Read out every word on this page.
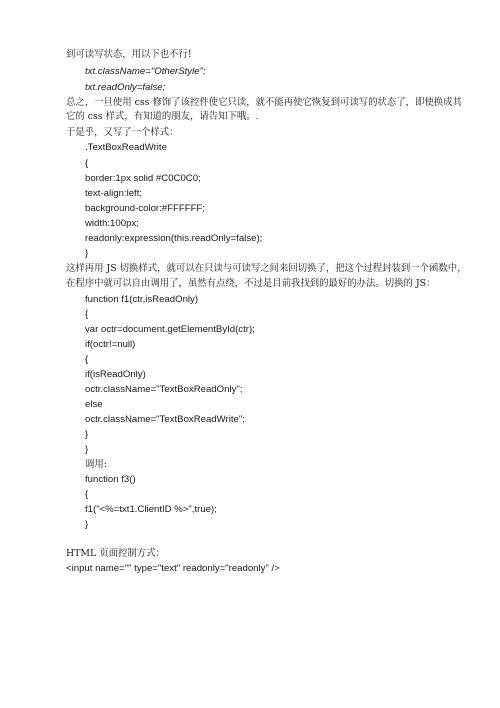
到可读写状态，用以下也不行!
txt.className="OtherStyle";
txt.readOnly=false;
总之，一旦使用 css 修饰了该控件使它只读，就不能再使它恢复到可读写的状态了，即使换成其
它的 css 样式，有知道的朋友，请告知下哦。.
于是乎，又写了一个样式：
.TextBoxReadWrite
{
border:1px solid #C0C0C0;
text-align:left;
background-color:#FFFFFF;
width:100px;
readonly:expression(this.readOnly=false);
}
这样再用 JS 切换样式，就可以在只读与可读写之间来回切换了，把这个过程封装到一个函数中，
在程序中就可以自由调用了，虽然有点绕，不过是目前我找到的最好的办法。切换的 JS：
function f1(ctr,isReadOnly)
{
var octr=document.getElementById(ctr);
if(octr!=null)
{
if(isReadOnly)
octr.className="TextBoxReadOnly";
else
octr.className="TextBoxReadWrite";
}
}
调用:
function f3()
{
f1("<%=txt1.ClientID %>",true);
}
HTML 页面控制方式：
<input name="" type="text" readonly="readonly" />
